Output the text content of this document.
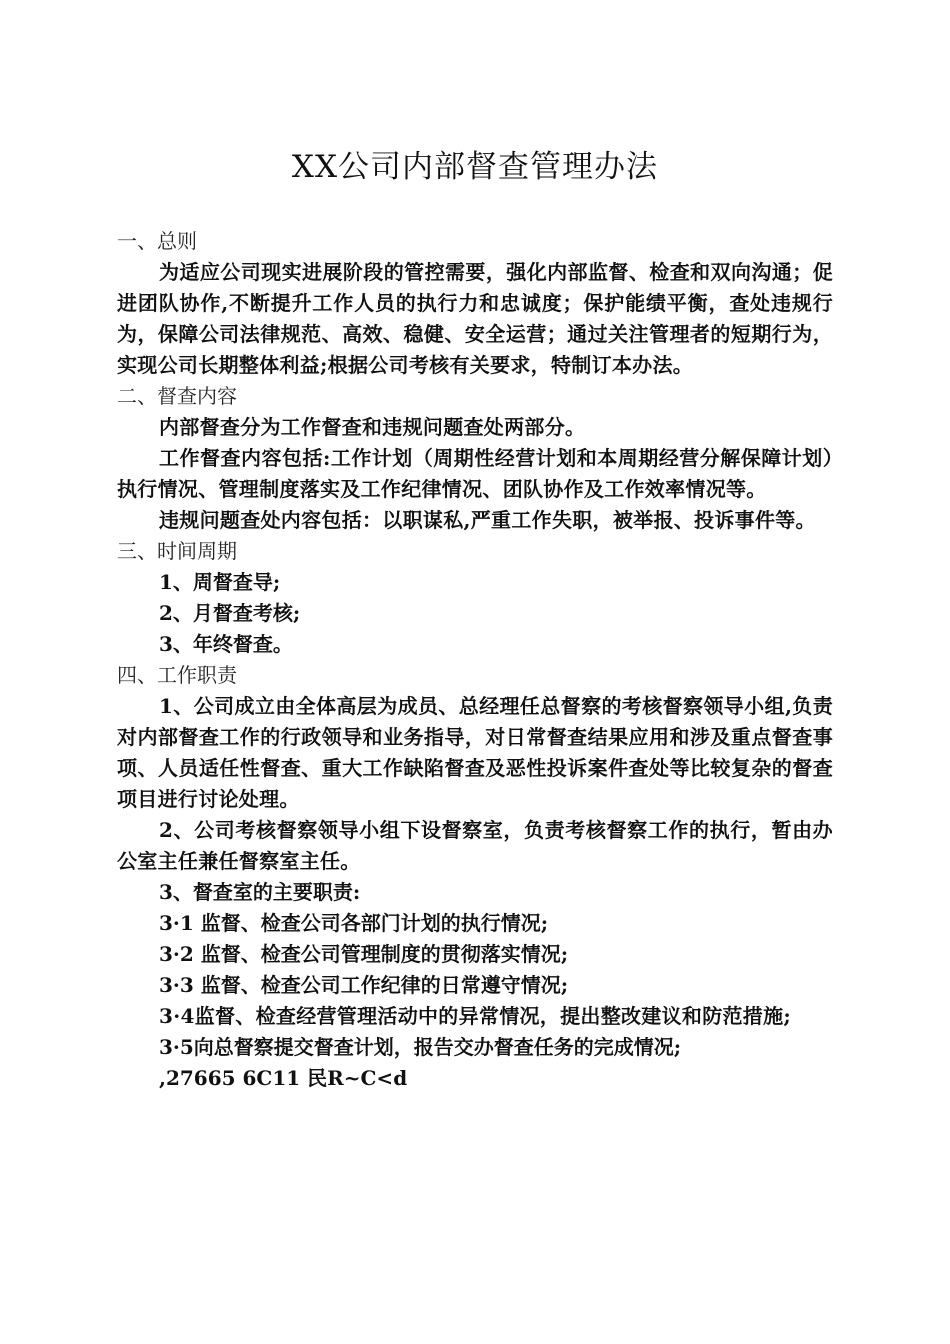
XX公司内部督查管理办法
一、总则
为适应公司现实进展阶段的管控需要，强化内部监督、检查和双向沟通；促进团队协作,不断提升工作人员的执行力和忠诚度；保护能绩平衡，查处违规行为，保障公司法律规范、高效、稳健、安全运营；通过关注管理者的短期行为，实现公司长期整体利益;根据公司考核有关要求，特制订本办法。
二、督查内容
内部督查分为工作督查和违规问题查处两部分。
工作督查内容包括:工作计划（周期性经营计划和本周期经营分解保障计划）执行情况、管理制度落实及工作纪律情况、团队协作及工作效率情况等。
违规问题查处内容包括：以职谋私,严重工作失职，被举报、投诉事件等。
三、时间周期
1、周督查导;
2、月督查考核;
3、年终督查。
四、工作职责
1、公司成立由全体高层为成员、总经理任总督察的考核督察领导小组,负责对内部督查工作的行政领导和业务指导，对日常督查结果应用和涉及重点督查事项、人员适任性督查、重大工作缺陷督查及恶性投诉案件查处等比较复杂的督查项目进行讨论处理。
2、公司考核督察领导小组下设督察室，负责考核督察工作的执行，暂由办公室主任兼任督察室主任。
3、督查室的主要职责:
3·1 监督、检查公司各部门计划的执行情况;
3·2 监督、检查公司管理制度的贯彻落实情况;
3·3 监督、检查公司工作纪律的日常遵守情况;
3·4监督、检查经营管理活动中的异常情况，提出整改建议和防范措施;
3·5向总督察提交督查计划，报告交办督查任务的完成情况;
,27665 6C11 民R~C<d
